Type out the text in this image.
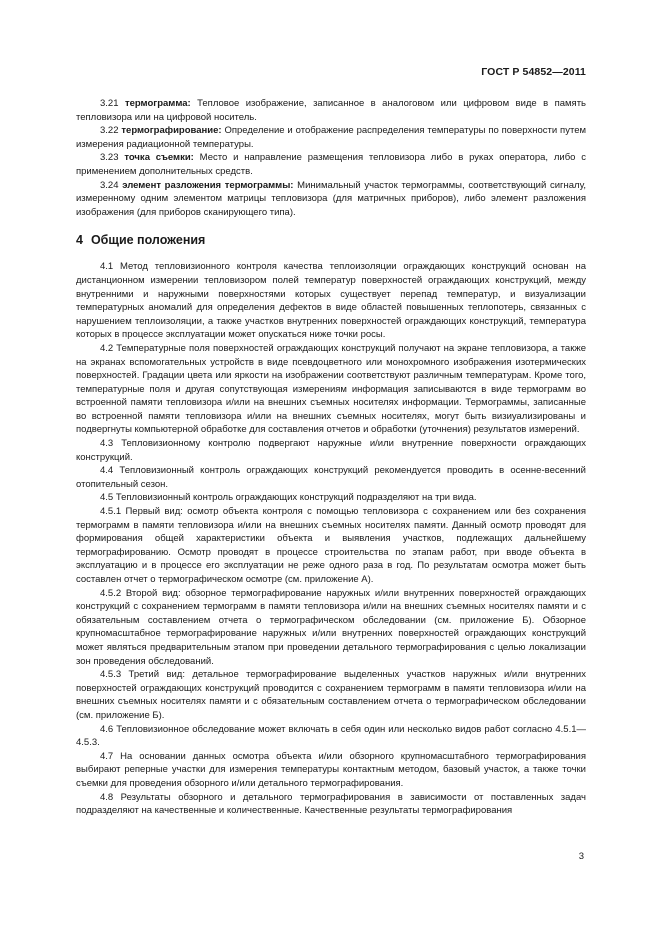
ГОСТ Р 54852—2011

3.21 термограмма: Тепловое изображение, записанное в аналоговом или цифровом виде в память тепловизора или на цифровой носитель.

3.22 термографирование: Определение и отображение распределения температуры по поверхности путем измерения радиационной температуры.

3.23 точка съемки: Место и направление размещения тепловизора либо в руках оператора, либо с применением дополнительных средств.

3.24 элемент разложения термограммы: Минимальный участок термограммы, соответствующий сигналу, измеренному одним элементом матрицы тепловизора (для матричных приборов), либо элемент разложения изображения (для приборов сканирующего типа).

4 Общие положения

4.1 Метод тепловизионного контроля качества теплоизоляции ограждающих конструкций основан на дистанционном измерении тепловизором полей температур поверхностей ограждающих конструкций, между внутренними и наружными поверхностями которых существует перепад температур, и визуализации температурных аномалий для определения дефектов в виде областей повышенных теплопотерь, связанных с нарушением теплоизоляции, а также участков внутренних поверхностей ограждающих конструкций, температура которых в процессе эксплуатации может опускаться ниже точки росы.

4.2 Температурные поля поверхностей ограждающих конструкций получают на экране тепловизора, а также на экранах вспомогательных устройств в виде псевдоцветного или монохромного изображения изотермических поверхностей. Градации цвета или яркости на изображении соответствуют различным температурам. Кроме того, температурные поля и другая сопутствующая измерениям информация записываются в виде термограмм во встроенной памяти тепловизора и/или на внешних съемных носителях информации. Термограммы, записанные во встроенной памяти тепловизора и/или на внешних съемных носителях, могут быть визиуализированы и подвергнуты компьютерной обработке для составления отчетов и обработки (уточнения) результатов измерений.

4.3 Тепловизионному контролю подвергают наружные и/или внутренние поверхности ограждающих конструкций.

4.4 Тепловизионный контроль ограждающих конструкций рекомендуется проводить в осенне-весенний отопительный сезон.

4.5 Тепловизионный контроль ограждающих конструкций подразделяют на три вида.

4.5.1 Первый вид: осмотр объекта контроля с помощью тепловизора с сохранением или без сохранения термограмм в памяти тепловизора и/или на внешних съемных носителях памяти. Данный осмотр проводят для формирования общей характеристики объекта и выявления участков, подлежащих дальнейшему термографированию. Осмотр проводят в процессе строительства по этапам работ, при вводе объекта в эксплуатацию и в процессе его эксплуатации не реже одного раза в год. По результатам осмотра может быть составлен отчет о термографическом осмотре (см. приложение А).

4.5.2 Второй вид: обзорное термографирование наружных и/или внутренних поверхностей ограждающих конструкций с сохранением термограмм в памяти тепловизора и/или на внешних съемных носителях памяти и с обязательным составлением отчета о термографическом обследовании (см. приложение Б). Обзорное крупномасштабное термографирование наружных и/или внутренних поверхностей ограждающих конструкций может являться предварительным этапом при проведении детального термографирования с целью локализации зон проведения обследований.

4.5.3 Третий вид: детальное термографирование выделенных участков наружных и/или внутренних поверхностей ограждающих конструкций проводится с сохранением термограмм в памяти тепловизора и/или на внешних съемных носителях памяти и с обязательным составлением отчета о термографическом обследовании (см. приложение Б).

4.6 Тепловизионное обследование может включать в себя один или несколько видов работ согласно 4.5.1—4.5.3.

4.7 На основании данных осмотра объекта и/или обзорного крупномасштабного термографирования выбирают реперные участки для измерения температуры контактным методом, базовый участок, а также точки съемки для проведения обзорного и/или детального термографирования.

4.8 Результаты обзорного и детального термографирования в зависимости от поставленных задач подразделяют на качественные и количественные. Качественные результаты термографирования

3
